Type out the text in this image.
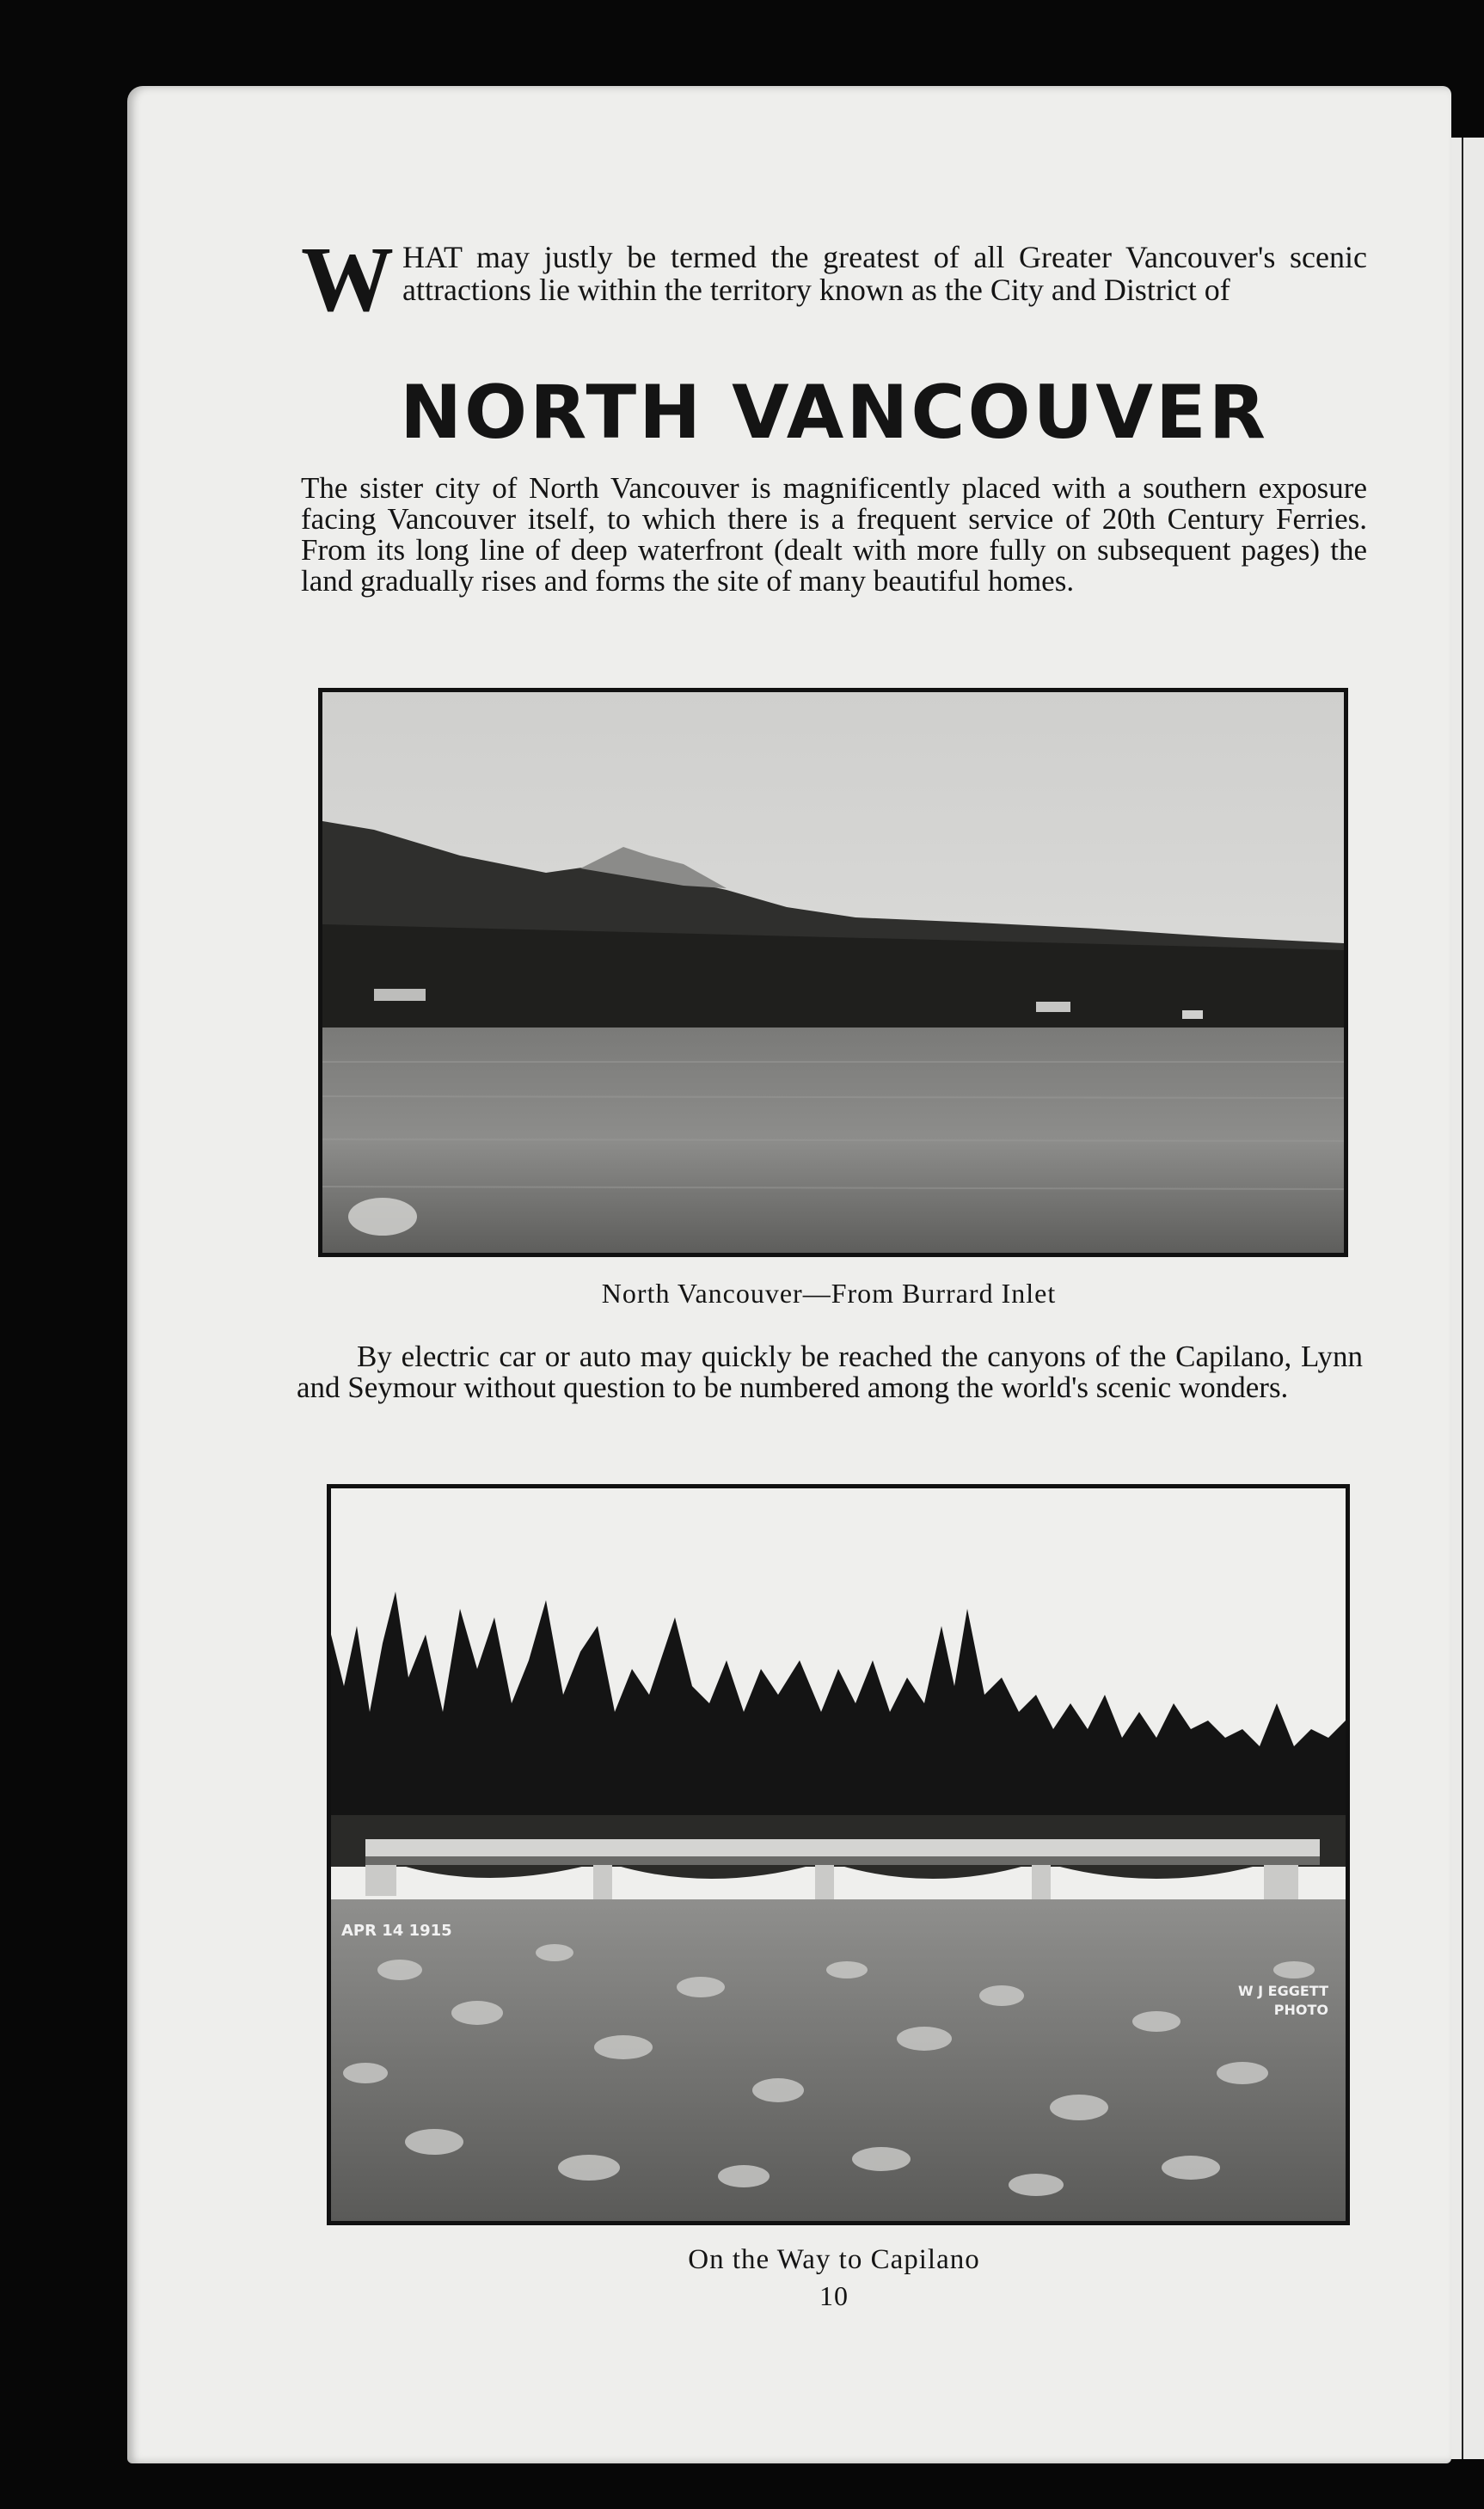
W HAT may justly be termed the greatest of all Greater Vancouver's scenic attractions lie within the territory known as the City and District of
NORTH VANCOUVER
The sister city of North Vancouver is magnificently placed with a southern exposure facing Vancouver itself, to which there is a frequent service of 20th Century Ferries. From its long line of deep waterfront (dealt with more fully on subsequent pages) the land gradually rises and forms the site of many beautiful homes.
North Vancouver—From Burrard Inlet
By electric car or auto may quickly be reached the canyons of the Capilano, Lynn and Seymour without question to be numbered among the world's scenic wonders.
APR 14 1915
W J EGGETT
PHOTO
On the Way to Capilano
10
